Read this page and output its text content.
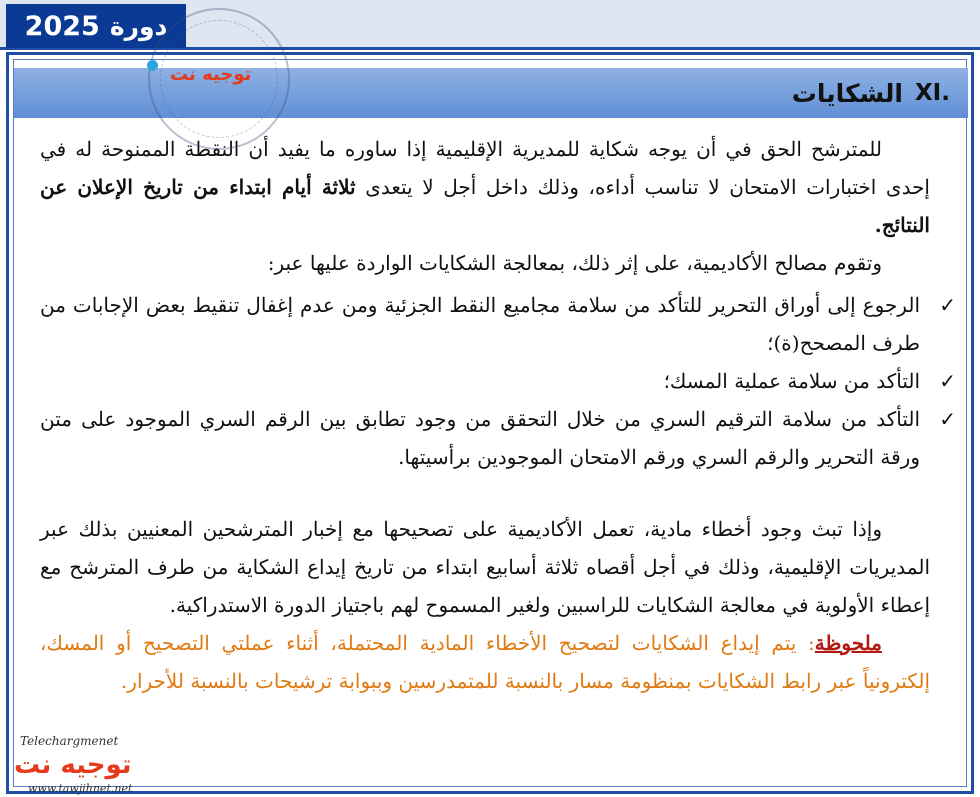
دورة
2025
.XI
الشكايات

للمترشح الحق في أن يوجه شكاية للمديرية الإقليمية إذا ساوره ما يفيد أن النقطة الممنوحة له في إحدى اختبارات الامتحان لا تناسب أداءه، وذلك داخل أجل لا يتعدى ثلاثة أيام ابتداء من تاريخ الإعلان عن النتائج.

وتقوم مصالح الأكاديمية، على إثر ذلك، بمعالجة الشكايات الواردة عليها عبر:

✓
الرجوع إلى أوراق التحرير للتأكد من سلامة مجاميع النقط الجزئية ومن عدم إغفال تنقيط بعض الإجابات من طرف المصحح(ة)؛
✓
التأكد من سلامة عملية المسك؛
✓
التأكد من سلامة الترقيم السري من خلال التحقق من وجود تطابق بين الرقم السري الموجود على متن ورقة التحرير والرقم السري ورقم الامتحان الموجودين برأسيتها.

وإذا تبث وجود أخطاء مادية، تعمل الأكاديمية على تصحيحها مع إخبار المترشحين المعنيين بذلك عبر المديريات الإقليمية، وذلك في أجل أقصاه ثلاثة أسابيع ابتداء من تاريخ إيداع الشكاية من طرف المترشح مع إعطاء الأولوية في معالجة الشكايات للراسبين ولغير المسموح لهم باجتياز الدورة الاستدراكية.

ملحوظة: يتم إيداع الشكايات لتصحيح الأخطاء المادية المحتملة، أثناء عملتي التصحيح أو المسك، إلكترونياً عبر رابط الشكايات بمنظومة مسار بالنسبة للمتمدرسين وببوابة ترشيحات بالنسبة للأحرار.

توجيه نت
Telechargmenet
توجيه نت
www.tawjihnet.net
